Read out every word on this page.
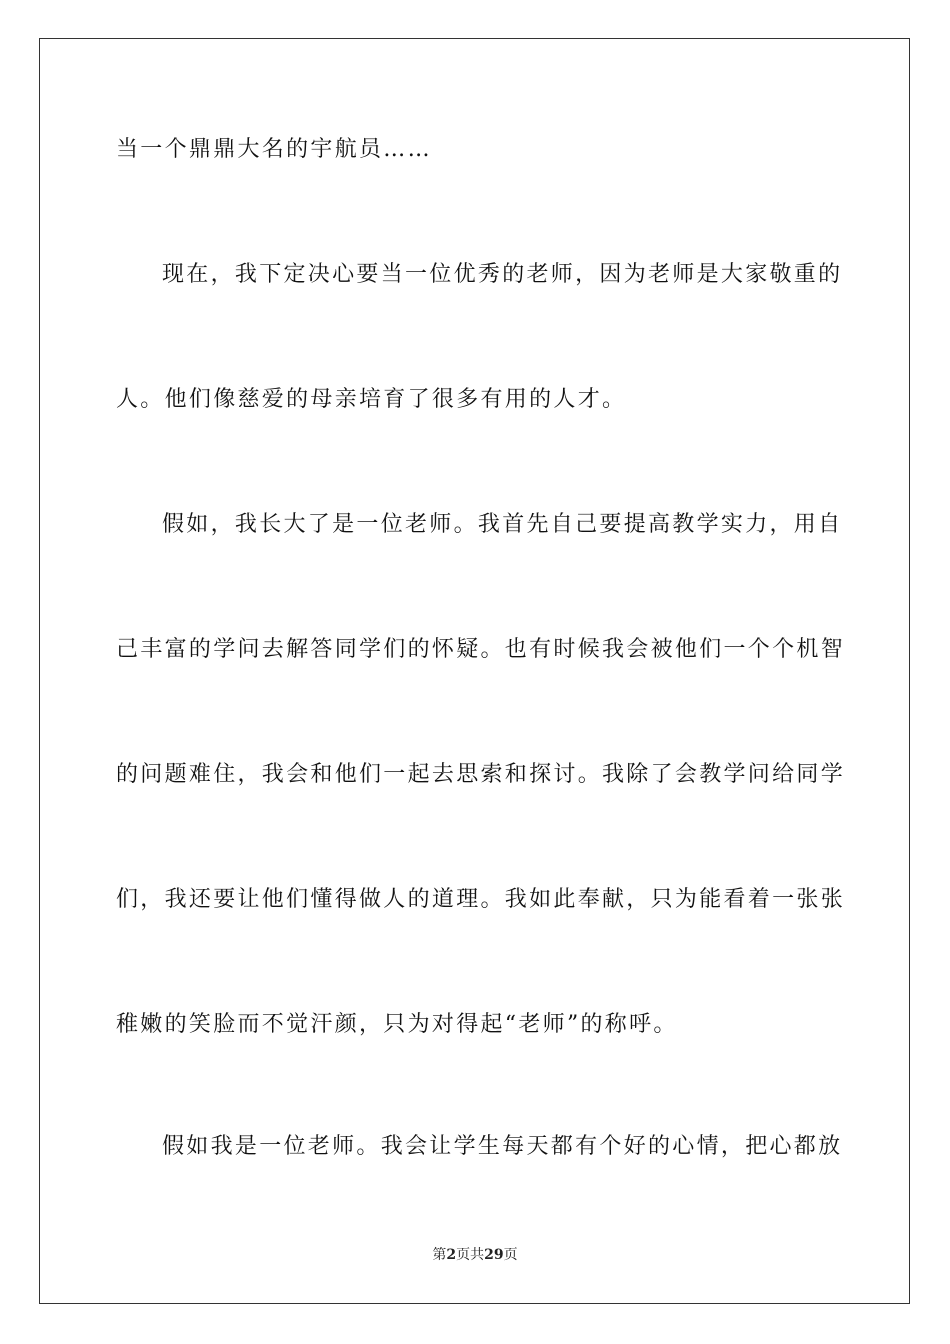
当一个鼎鼎大名的宇航员……
现在，我下定决心要当一位优秀的老师，因为老师是大家敬重的
人。他们像慈爱的母亲培育了很多有用的人才。
假如，我长大了是一位老师。我首先自己要提高教学实力，用自
己丰富的学问去解答同学们的怀疑。也有时候我会被他们一个个机智
的问题难住，我会和他们一起去思索和探讨。我除了会教学问给同学
们，我还要让他们懂得做人的道理。我如此奉献，只为能看着一张张
稚嫩的笑脸而不觉汗颜，只为对得起“老师”的称呼。
假如我是一位老师。我会让学生每天都有个好的心情，把心都放
第2页共29页
